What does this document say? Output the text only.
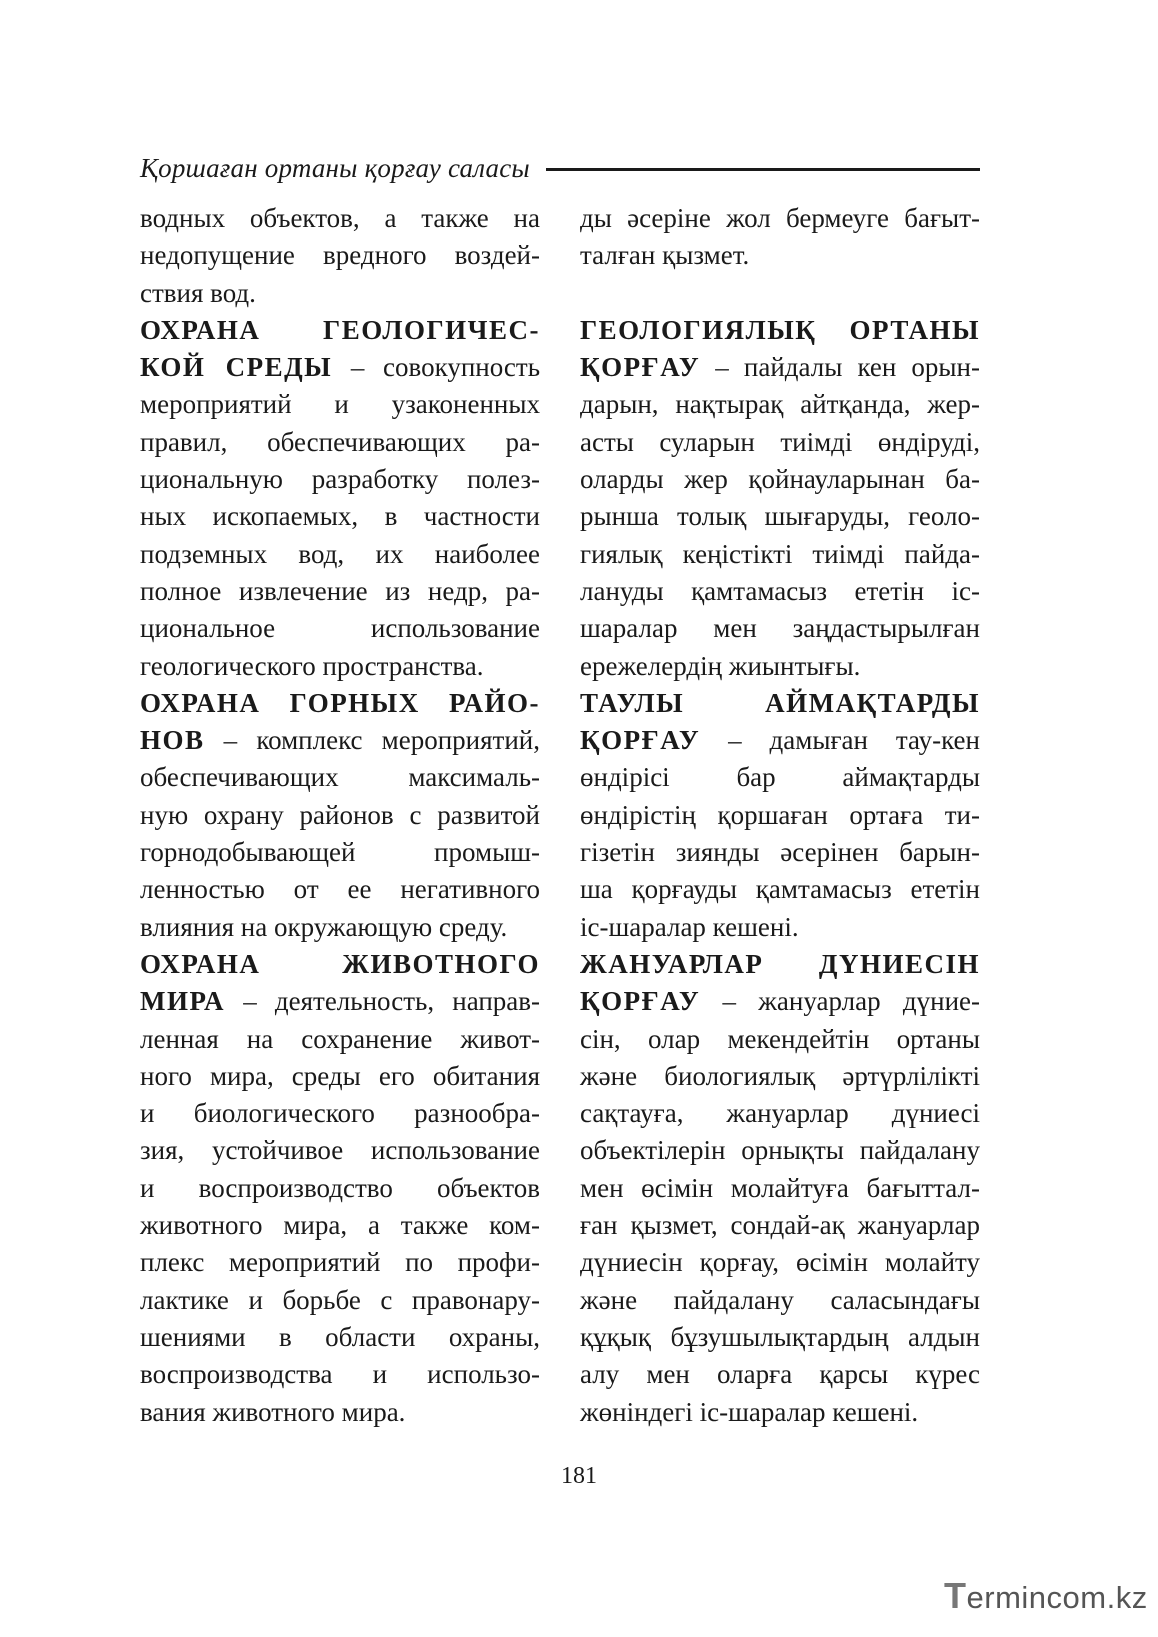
Қоршаған ортаны қорғау саласы
водных объектов, а также на
недопущение вредного воздей-
ствия вод.
ОХРАНА ГЕОЛОГИЧЕС-
КОЙ СРЕДЫ – совокупность
мероприятий и узаконенных
правил, обеспечивающих ра-
циональную разработку полез-
ных ископаемых, в частности
подземных вод, их наиболее
полное извлечение из недр, ра-
циональное использование
геологического пространства.
ОХРАНА ГОРНЫХ РАЙО-
НОВ – комплекс мероприятий,
обеспечивающих максималь-
ную охрану районов с развитой
горнодобывающей промыш-
ленностью от ее негативного
влияния на окружающую среду.
ОХРАНА ЖИВОТНОГО
МИРА – деятельность, направ-
ленная на сохранение живот-
ного мира, среды его обитания
и биологического разнообра-
зия, устойчивое использование
и воспроизводство объектов
животного мира, а также ком-
плекс мероприятий по профи-
лактике и борьбе с правонару-
шениями в области охраны,
воспроизводства и использо-
вания животного мира.
ды әсеріне жол бермеуге бағыт-
талған қызмет.
ГЕОЛОГИЯЛЫҚ ОРТАНЫ
ҚОРҒАУ – пайдалы кен орын-
дарын, нақтырақ айтқанда, жер-
асты суларын тиімді өндіруді,
оларды жер қойнауларынан ба-
рынша толық шығаруды, геоло-
гиялық кеңістікті тиімді пайда-
лануды қамтамасыз ететін іс-
шаралар мен заңдастырылған
ережелердің жиынтығы.
ТАУЛЫ АЙМАҚТАРДЫ
ҚОРҒАУ – дамыған тау-кен
өндірісі бар аймақтарды
өндірістің қоршаған ортаға ти-
гізетін зиянды әсерінен барын-
ша қорғауды қамтамасыз ететін
іс-шаралар кешені.
ЖАНУАРЛАР ДҮНИЕСІН
ҚОРҒАУ – жануарлар дүние-
сін, олар мекендейтін ортаны
және биологиялық әртүрлілікті
сақтауға, жануарлар дүниесі
объектілерін орнықты пайдалану
мен өсімін молайтуға бағыттал-
ған қызмет, сондай-ақ жануарлар
дүниесін қорғау, өсімін молайту
және пайдалану саласындағы
құқық бұзушылықтардың алдын
алу мен оларға қарсы күрес
жөніндегі іс-шаралар кешені.
181
Termincom.kz
